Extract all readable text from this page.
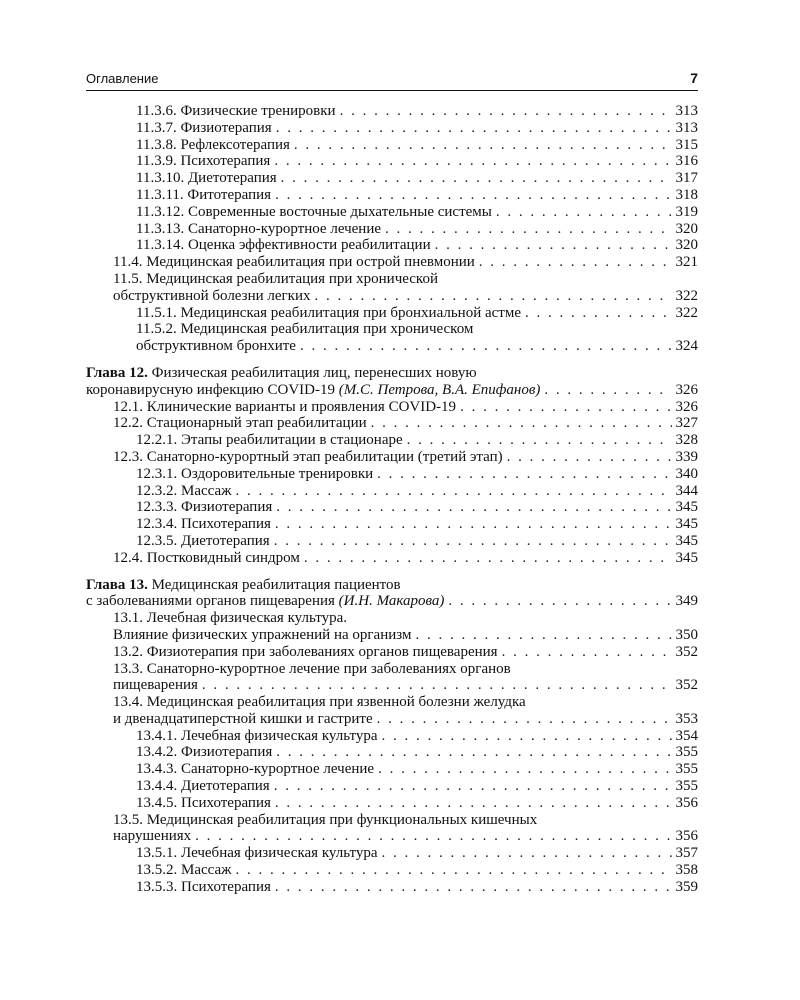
Оглавление	7
11.3.6. Физические тренировки . . .	313
11.3.7. Физиотерапия . . .	313
11.3.8. Рефлексотерапия . . .	315
11.3.9. Психотерапия . . .	316
11.3.10. Диетотерапия . . .	317
11.3.11. Фитотерапия . . .	318
11.3.12. Современные восточные дыхательные системы . . .	319
11.3.13. Санаторно-курортное лечение . . .	320
11.3.14. Оценка эффективности реабилитации . . .	320
11.4. Медицинская реабилитация при острой пневмонии . . .	321
11.5. Медицинская реабилитация при хронической
обструктивной болезни легких . . .	322
11.5.1. Медицинская реабилитация при бронхиальной астме . . .	322
11.5.2. Медицинская реабилитация при хроническом
обструктивном бронхите . . .	324
Глава 12. Физическая реабилитация лиц, перенесших новую
коронавирусную инфекцию COVID-19 (М.С. Петрова, В.А. Епифанов) . . .	326
12.1. Клинические варианты и проявления COVID-19 . . .	326
12.2. Стационарный этап реабилитации . . .	327
12.2.1. Этапы реабилитации в стационаре . . .	328
12.3. Санаторно-курортный этап реабилитации (третий этап) . . .	339
12.3.1. Оздоровительные тренировки . . .	340
12.3.2. Массаж . . .	344
12.3.3. Физиотерапия . . .	345
12.3.4. Психотерапия . . .	345
12.3.5. Диетотерапия . . .	345
12.4. Постковидный синдром . . .	345
Глава 13. Медицинская реабилитация пациентов
с заболеваниями органов пищеварения (И.Н. Макарова) . . .	349
13.1. Лечебная физическая культура.
Влияние физических упражнений на организм . . .	350
13.2. Физиотерапия при заболеваниях органов пищеварения . . .	352
13.3. Санаторно-курортное лечение при заболеваниях органов
пищеварения . . .	352
13.4. Медицинская реабилитация при язвенной болезни желудка
и двенадцатиперстной кишки и гастрите . . .	353
13.4.1. Лечебная физическая культура . . .	354
13.4.2. Физиотерапия . . .	355
13.4.3. Санаторно-курортное лечение . . .	355
13.4.4. Диетотерапия . . .	355
13.4.5. Психотерапия . . .	356
13.5. Медицинская реабилитация при функциональных кишечных
нарушениях . . .	356
13.5.1. Лечебная физическая культура . . .	357
13.5.2. Массаж . . .	358
13.5.3. Психотерапия . . .	359
